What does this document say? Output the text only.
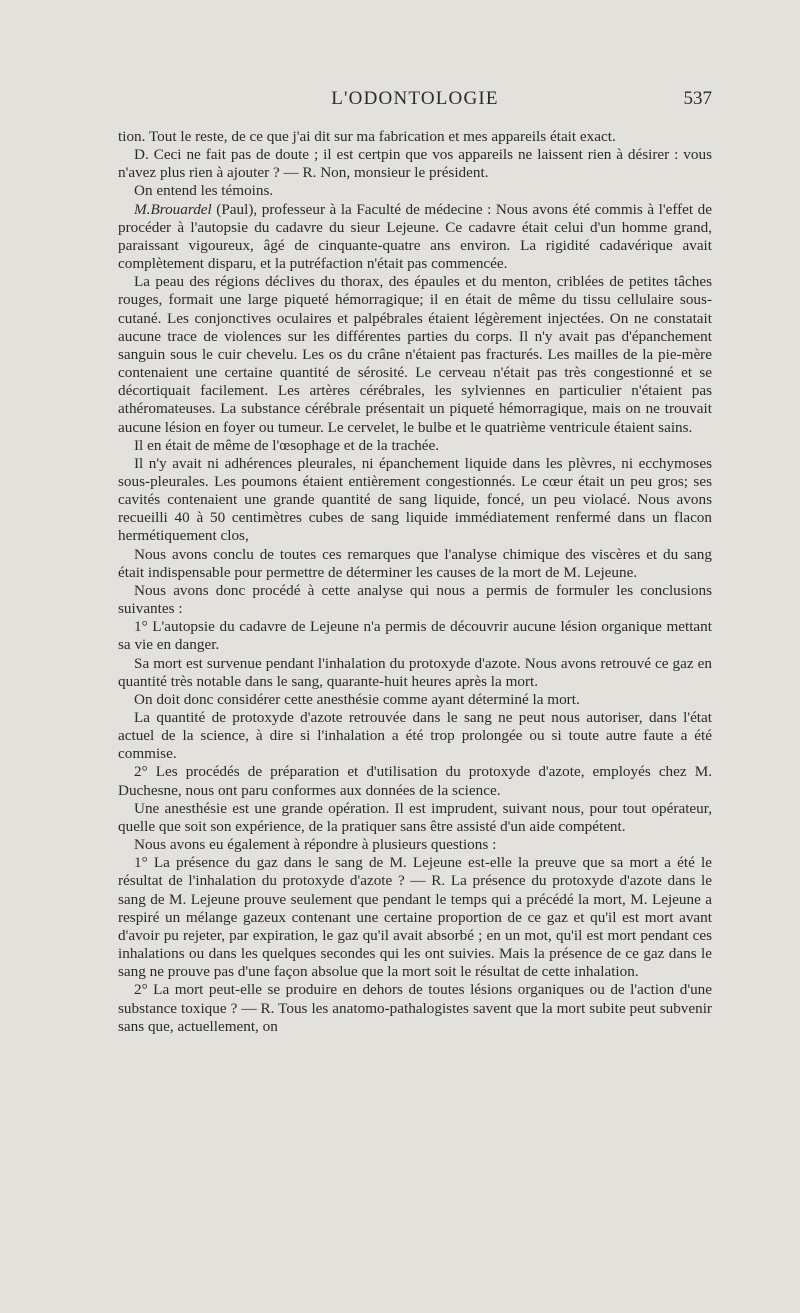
L'ODONTOLOGIE	537

tion. Tout le reste, de ce que j'ai dit sur ma fabrication et mes appareils était exact.

D. Ceci ne fait pas de doute ; il est certpin que vos appareils ne laissent rien à désirer : vous n'avez plus rien à ajouter ? — R. Non, monsieur le président.

On entend les témoins.

M.Brouardel (Paul), professeur à la Faculté de médecine : Nous avons été commis à l'effet de procéder à l'autopsie du cadavre du sieur Lejeune. Ce cadavre était celui d'un homme grand, paraissant vigoureux, âgé de cinquante-quatre ans environ. La rigidité cadavérique avait complètement disparu, et la putréfaction n'était pas commencée.

La peau des régions déclives du thorax, des épaules et du menton, criblées de petites tâches rouges, formait une large piqueté hémorragique; il en était de même du tissu cellulaire sous-cutané. Les conjonctives oculaires et palpébrales étaient légèrement injectées. On ne constatait aucune trace de violences sur les différentes parties du corps. Il n'y avait pas d'épanchement sanguin sous le cuir chevelu. Les os du crâne n'étaient pas fracturés. Les mailles de la pie-mère contenaient une certaine quantité de sérosité. Le cerveau n'était pas très congestionné et se décortiquait facilement. Les artères cérébrales, les sylviennes en particulier n'étaient pas athéromateuses. La substance cérébrale présentait un piqueté hémorragique, mais on ne trouvait aucune lésion en foyer ou tumeur. Le cervelet, le bulbe et le quatrième ventricule étaient sains.

Il en était de même de l'œsophage et de la trachée.

Il n'y avait ni adhérences pleurales, ni épanchement liquide dans les plèvres, ni ecchymoses sous-pleurales. Les poumons étaient entièrement congestionnés. Le cœur était un peu gros; ses cavités contenaient une grande quantité de sang liquide, foncé, un peu violacé. Nous avons recueilli 40 à 50 centimètres cubes de sang liquide immédiatement renfermé dans un flacon hermétiquement clos,

Nous avons conclu de toutes ces remarques que l'analyse chimique des viscères et du sang était indispensable pour permettre de déterminer les causes de la mort de M. Lejeune.

Nous avons donc procédé à cette analyse qui nous a permis de formuler les conclusions suivantes :

1° L'autopsie du cadavre de Lejeune n'a permis de découvrir aucune lésion organique mettant sa vie en danger.

Sa mort est survenue pendant l'inhalation du protoxyde d'azote. Nous avons retrouvé ce gaz en quantité très notable dans le sang, quarante-huit heures après la mort.

On doit donc considérer cette anesthésie comme ayant déterminé la mort.

La quantité de protoxyde d'azote retrouvée dans le sang ne peut nous autoriser, dans l'état actuel de la science, à dire si l'inhalation a été trop prolongée ou si toute autre faute a été commise.

2° Les procédés de préparation et d'utilisation du protoxyde d'azote, employés chez M. Duchesne, nous ont paru conformes aux données de la science.

Une anesthésie est une grande opération. Il est imprudent, suivant nous, pour tout opérateur, quelle que soit son expérience, de la pratiquer sans être assisté d'un aide compétent.

Nous avons eu également à répondre à plusieurs questions :

1° La présence du gaz dans le sang de M. Lejeune est-elle la preuve que sa mort a été le résultat de l'inhalation du protoxyde d'azote ? — R. La présence du protoxyde d'azote dans le sang de M. Lejeune prouve seulement que pendant le temps qui a précédé la mort, M. Lejeune a respiré un mélange gazeux contenant une certaine proportion de ce gaz et qu'il est mort avant d'avoir pu rejeter, par expiration, le gaz qu'il avait absorbé ; en un mot, qu'il est mort pendant ces inhalations ou dans les quelques secondes qui les ont suivies. Mais la présence de ce gaz dans le sang ne prouve pas d'une façon absolue que la mort soit le résultat de cette inhalation.

2° La mort peut-elle se produire en dehors de toutes lésions organiques ou de l'action d'une substance toxique ? — R. Tous les anatomo-pathalogistes savent que la mort subite peut subvenir sans que, actuellement, on
